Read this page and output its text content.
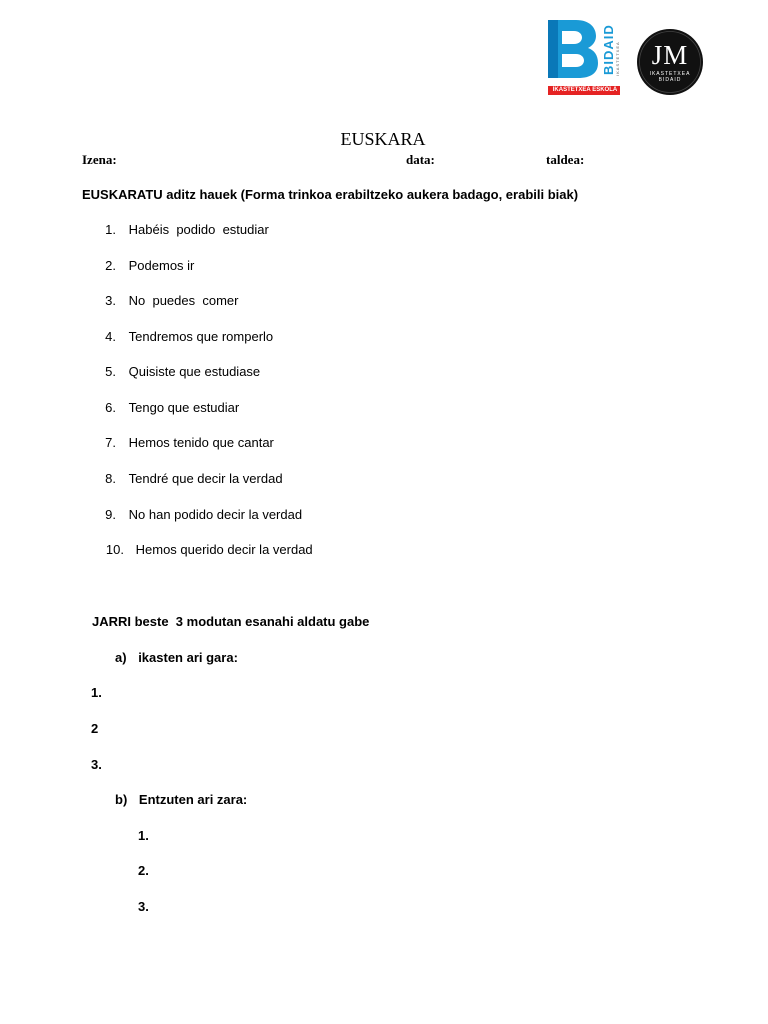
BIDAID IKASTETXEA
IKASTETXEA ESKOLA
JM
IKASTETXEA
BIDAID
EUSKARA
Izena:	data:	taldea:
EUSKARATU aditz hauek (Forma trinkoa erabiltzeko aukera badago, erabili biak)
1. Habéis  podido  estudiar
2. Podemos ir
3. No  puedes  comer
4. Tendremos que romperlo
5. Quisiste que estudiase
6. Tengo que estudiar
7. Hemos tenido que cantar
8. Tendré que decir la verdad
9. No han podido decir la verdad
10. Hemos querido decir la verdad
JARRI beste  3 modutan esanahi aldatu gabe
a) ikasten ari gara:
1.
2
3.
b) Entzuten ari zara:
1.
2.
3.
